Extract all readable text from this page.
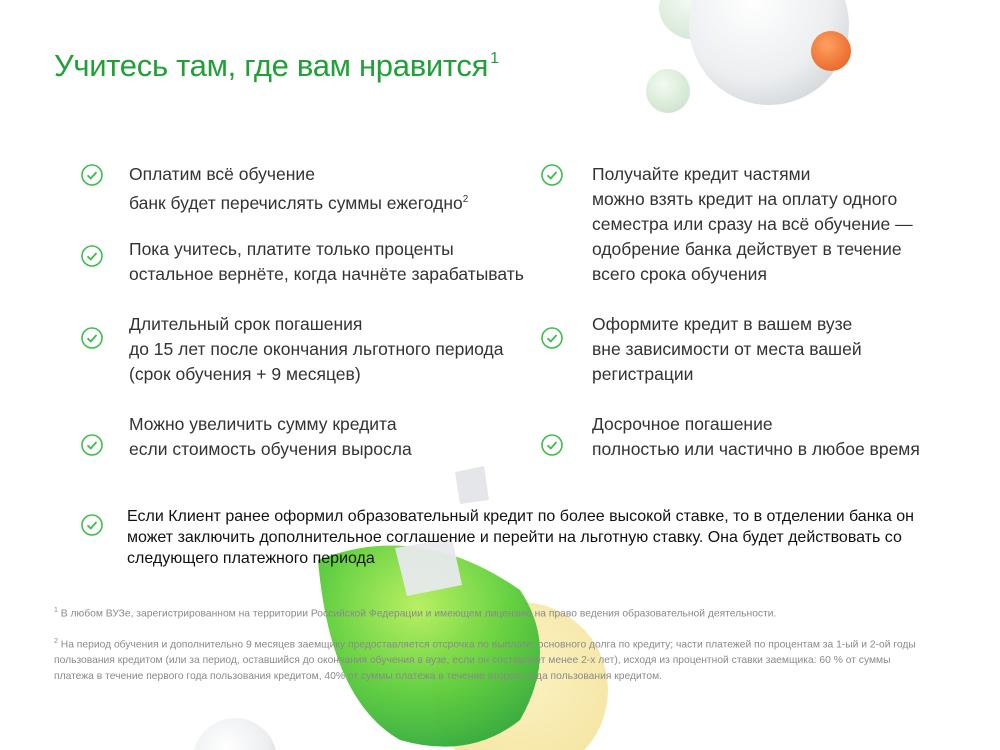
Учитесь там, где вам нравится $^1$
Оплатим всё обучение
банк будет перечислять суммы ежегодно$^2$
Пока учитесь, платите только проценты
остальное вернёте, когда начнёте зарабатывать
Длительный срок погашения
до 15 лет после окончания льготного периода
(срок обучения + 9 месяцев)
Можно увеличить сумму кредита
если стоимость обучения выросла
Получайте кредит частями
можно взять кредит на оплату одного
семестра или сразу на всё обучение —
одобрение банка действует в течение
всего срока обучения
Оформите кредит в вашем вузе
вне зависимости от места вашей
регистрации
Досрочное погашение
полностью или частично в любое время

Если Клиент ранее оформил образовательный кредит по более высокой ставке, то в отделении банка он может заключить дополнительное соглашение и перейти на льготную ставку. Она будет действовать со следующего платежного периода

$^1$ В любом ВУЗе, зарегистрированном на территории Российской Федерации и имеющем лицензию на право ведения образовательной деятельности.

$^2$ На период обучения и дополнительно 9 месяцев заемщику предоставляется отсрочка по выплате: основного долга по кредиту; части платежей по процентам за 1-ый и 2-ой годы пользования кредитом (или за период, оставшийся до окончания обучения в вузе, если он составляет менее 2-х лет), исходя из процентной ставки заемщика: 60 % от суммы платежа в течение первого года пользования кредитом, 40% от суммы платежа в течение второго года пользования кредитом.
